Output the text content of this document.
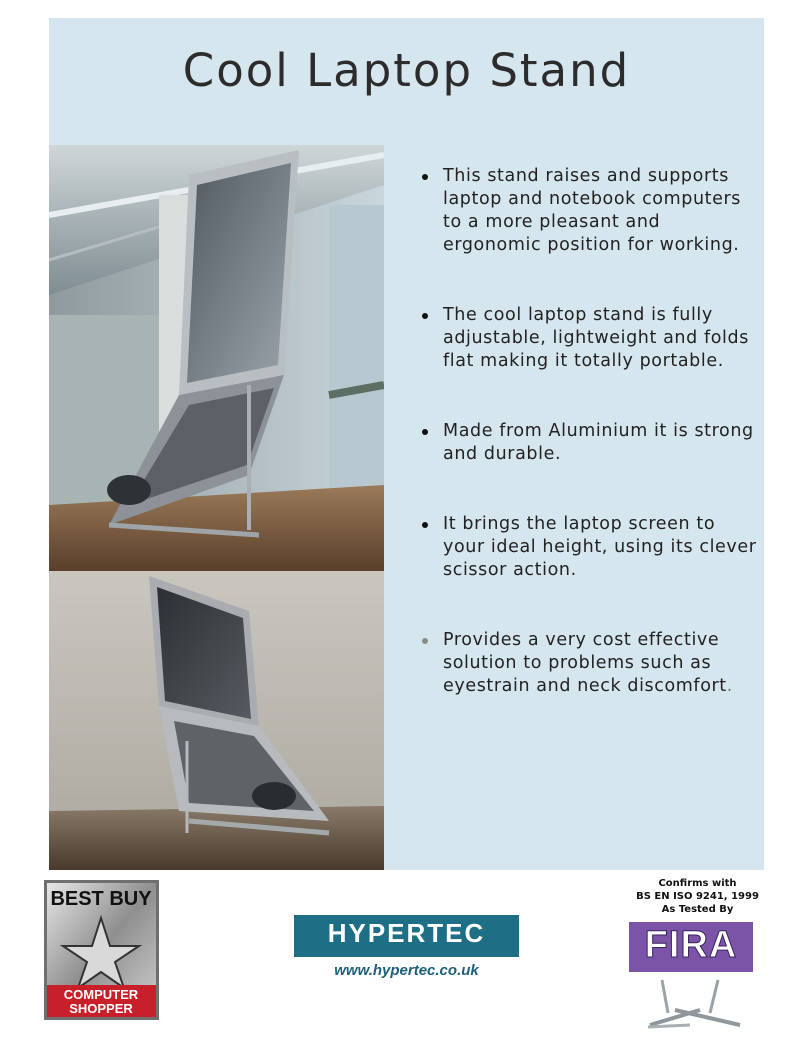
Cool Laptop Stand
This stand raises and supports laptop and notebook computers to a more pleasant and ergonomic position for working.
The cool laptop stand is fully adjustable, lightweight and folds flat making it totally portable.
Made from Aluminium it is strong and durable.
It brings the laptop screen to your ideal height, using its clever scissor action.
Provides a very cost effective solution to problems such as eyestrain and neck discomfort.
BEST BUY
COMPUTER
SHOPPER
HYPERTEC
www.hypertec.co.uk
Confirms with
BS EN ISO 9241, 1999
As Tested By
FIRA
